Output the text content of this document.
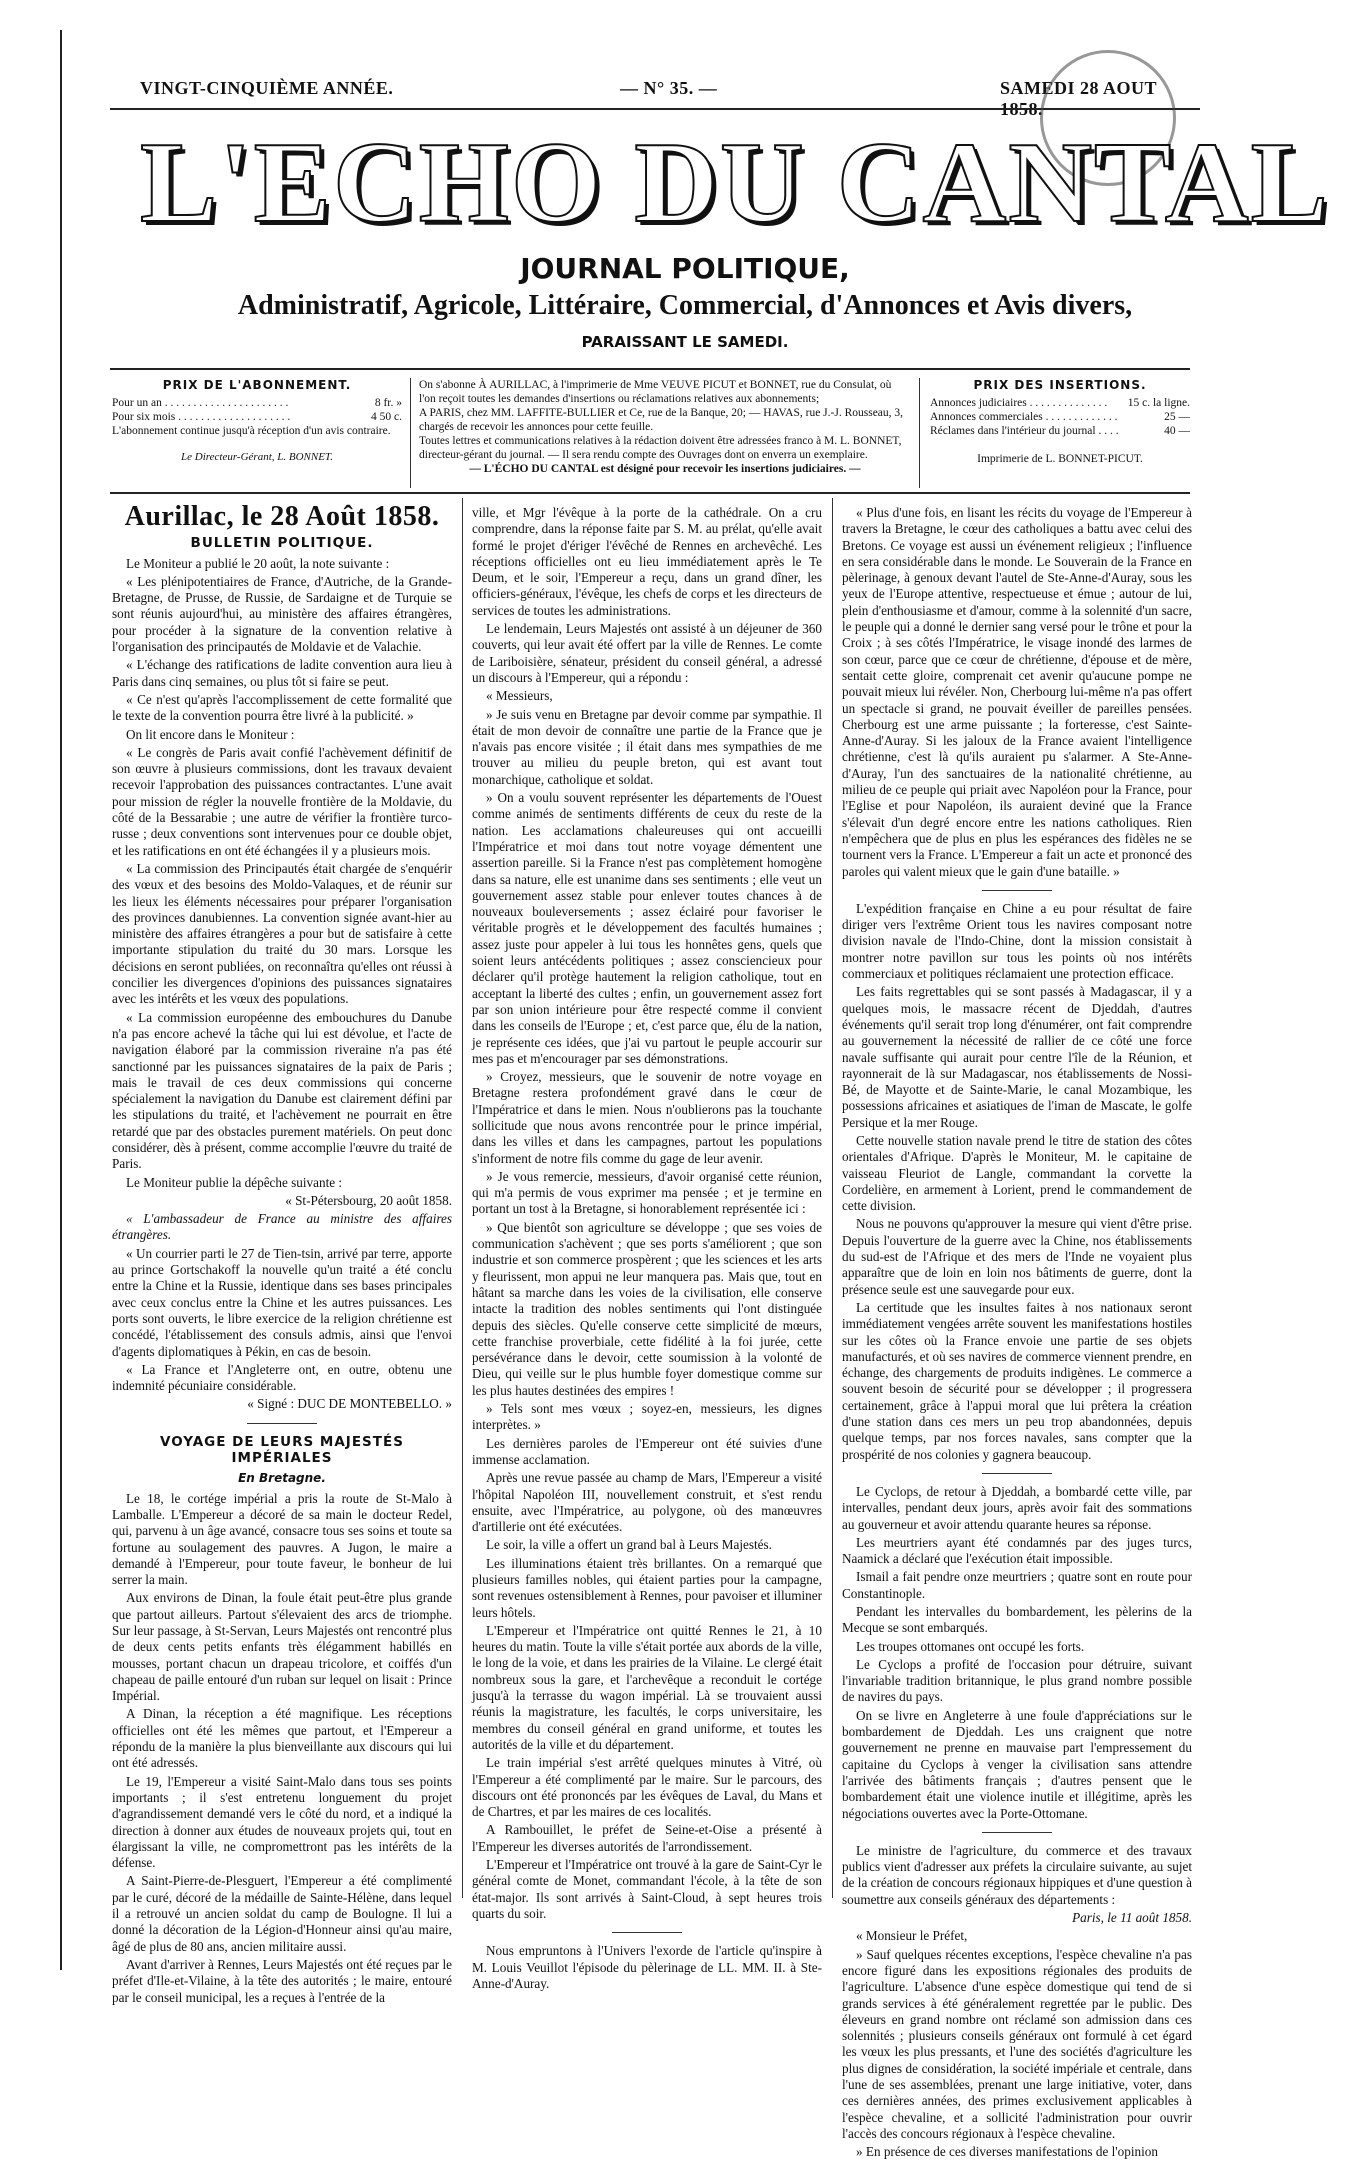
VINGT-CINQUIÈME ANNÉE.	— N° 35. —	SAMEDI 28 AOUT 1858.
L'ECHO DU CANTAL
JOURNAL POLITIQUE,
Administratif, Agricole, Littéraire, Commercial, d'Annonces et Avis divers,
PARAISSANT LE SAMEDI.
PRIX DE L'ABONNEMENT.
Pour un an . . . . . . . . . . . . . . . . . . . . . .	8 fr. »
Pour six mois . . . . . . . . . . . . . . . . . . . .	4 50 c.
L'abonnement continue jusqu'à réception d'un avis contraire.
Le Directeur-Gérant, L. BONNET.
On s'abonne À AURILLAC, à l'imprimerie de Mme VEUVE PICUT et BONNET, rue du Consulat, où l'on reçoit toutes les demandes d'insertions ou réclamations relatives aux abonnements;
A PARIS, chez MM. LAFFITE-BULLIER et Ce, rue de la Banque, 20; — HAVAS, rue J.-J. Rousseau, 3, chargés de recevoir les annonces pour cette feuille.
Toutes lettres et communications relatives à la rédaction doivent être adressées franco à M. L. BONNET, directeur-gérant du journal. — Il sera rendu compte des Ouvrages dont on enverra un exemplaire.
— L'ÉCHO DU CANTAL est désigné pour recevoir les insertions judiciaires. —
PRIX DES INSERTIONS.
Annonces judiciaires . . . . . . . . . . . . . . 15 c. la ligne.
Annonces commerciales . . . . . . . . . . . . .	25 —
Réclames dans l'intérieur du journal . . . .	40 —
Imprimerie de L. BONNET-PICUT.
Aurillac, le 28 Août 1858.
BULLETIN POLITIQUE.

Le Moniteur a publié le 20 août, la note suivante :

« Les plénipotentiaires de France, d'Autriche, de la Grande-Bretagne, de Prusse, de Russie, de Sardaigne et de Turquie se sont réunis aujourd'hui, au ministère des affaires étrangères, pour procéder à la signature de la convention relative à l'organisation des principautés de Moldavie et de Valachie.

« L'échange des ratifications de ladite convention aura lieu à Paris dans cinq semaines, ou plus tôt si faire se peut.

« Ce n'est qu'après l'accomplissement de cette formalité que le texte de la convention pourra être livré à la publicité. »

On lit encore dans le Moniteur :

« Le congrès de Paris avait confié l'achèvement définitif de son œuvre à plusieurs commissions, dont les travaux devaient recevoir l'approbation des puissances contractantes. L'une avait pour mission de régler la nouvelle frontière de la Moldavie, du côté de la Bessarabie ; une autre de vérifier la frontière turco-russe ; deux conventions sont intervenues pour ce double objet, et les ratifications en ont été échangées il y a plusieurs mois.

« La commission des Principautés était chargée de s'enquérir des vœux et des besoins des Moldo-Valaques, et de réunir sur les lieux les éléments nécessaires pour préparer l'organisation des provinces danubiennes. La convention signée avant-hier au ministère des affaires étrangères a pour but de satisfaire à cette importante stipulation du traité du 30 mars. Lorsque les décisions en seront publiées, on reconnaîtra qu'elles ont réussi à concilier les divergences d'opinions des puissances signataires avec les intérêts et les vœux des populations.

« La commission européenne des embouchures du Danube n'a pas encore achevé la tâche qui lui est dévolue, et l'acte de navigation élaboré par la commission riveraine n'a pas été sanctionné par les puissances signataires de la paix de Paris ; mais le travail de ces deux commissions qui concerne spécialement la navigation du Danube est clairement défini par les stipulations du traité, et l'achèvement ne pourrait en être retardé que par des obstacles purement matériels. On peut donc considérer, dès à présent, comme accomplie l'œuvre du traité de Paris.

Le Moniteur publie la dépêche suivante :

« St-Pétersbourg, 20 août 1858.

« L'ambassadeur de France au ministre des affaires étrangères.

« Un courrier parti le 27 de Tien-tsin, arrivé par terre, apporte au prince Gortschakoff la nouvelle qu'un traité a été conclu entre la Chine et la Russie, identique dans ses bases principales avec ceux conclus entre la Chine et les autres puissances. Les ports sont ouverts, le libre exercice de la religion chrétienne est concédé, l'établissement des consuls admis, ainsi que l'envoi d'agents diplomatiques à Pékin, en cas de besoin.

« La France et l'Angleterre ont, en outre, obtenu une indemnité pécuniaire considérable.

« Signé : DUC DE MONTEBELLO. »

VOYAGE DE LEURS MAJESTÉS IMPÉRIALES
En Bretagne.

Le 18, le cortége impérial a pris la route de St-Malo à Lamballe. L'Empereur a décoré de sa main le docteur Redel, qui, parvenu à un âge avancé, consacre tous ses soins et toute sa fortune au soulagement des pauvres. A Jugon, le maire a demandé à l'Empereur, pour toute faveur, le bonheur de lui serrer la main.

Aux environs de Dinan, la foule était peut-être plus grande que partout ailleurs. Partout s'élevaient des arcs de triomphe. Sur leur passage, à St-Servan, Leurs Majestés ont rencontré plus de deux cents petits enfants très élégamment habillés en mousses, portant chacun un drapeau tricolore, et coiffés d'un chapeau de paille entouré d'un ruban sur lequel on lisait : Prince Impérial.

A Dinan, la réception a été magnifique. Les réceptions officielles ont été les mêmes que partout, et l'Empereur a répondu de la manière la plus bienveillante aux discours qui lui ont été adressés.

Le 19, l'Empereur a visité Saint-Malo dans tous ses points importants ; il s'est entretenu longuement du projet d'agrandissement demandé vers le côté du nord, et a indiqué la direction à donner aux études de nouveaux projets qui, tout en élargissant la ville, ne compromettront pas les intérêts de la défense.

A Saint-Pierre-de-Plesguert, l'Empereur a été complimenté par le curé, décoré de la médaille de Sainte-Hélène, dans lequel il a retrouvé un ancien soldat du camp de Boulogne. Il lui a donné la décoration de la Légion-d'Honneur ainsi qu'au maire, âgé de plus de 80 ans, ancien militaire aussi.

Avant d'arriver à Rennes, Leurs Majestés ont été reçues par le préfet d'Ile-et-Vilaine, à la tête des autorités ; le maire, entouré par le conseil municipal, les a reçues à l'entrée de la

ville, et Mgr l'évêque à la porte de la cathédrale. On a cru comprendre, dans la réponse faite par S. M. au prélat, qu'elle avait formé le projet d'ériger l'évêché de Rennes en archevêché. Les réceptions officielles ont eu lieu immédiatement après le Te Deum, et le soir, l'Empereur a reçu, dans un grand dîner, les officiers-généraux, l'évêque, les chefs de corps et les directeurs de services de toutes les administrations.

Le lendemain, Leurs Majestés ont assisté à un déjeuner de 360 couverts, qui leur avait été offert par la ville de Rennes. Le comte de Lariboisière, sénateur, président du conseil général, a adressé un discours à l'Empereur, qui a répondu :

« Messieurs,

» Je suis venu en Bretagne par devoir comme par sympathie. Il était de mon devoir de connaître une partie de la France que je n'avais pas encore visitée ; il était dans mes sympathies de me trouver au milieu du peuple breton, qui est avant tout monarchique, catholique et soldat.

» On a voulu souvent représenter les départements de l'Ouest comme animés de sentiments différents de ceux du reste de la nation. Les acclamations chaleureuses qui ont accueilli l'Impératrice et moi dans tout notre voyage démentent une assertion pareille. Si la France n'est pas complètement homogène dans sa nature, elle est unanime dans ses sentiments ; elle veut un gouvernement assez stable pour enlever toutes chances à de nouveaux bouleversements ; assez éclairé pour favoriser le véritable progrès et le développement des facultés humaines ; assez juste pour appeler à lui tous les honnêtes gens, quels que soient leurs antécédents politiques ; assez consciencieux pour déclarer qu'il protège hautement la religion catholique, tout en acceptant la liberté des cultes ; enfin, un gouvernement assez fort par son union intérieure pour être respecté comme il convient dans les conseils de l'Europe ; et, c'est parce que, élu de la nation, je représente ces idées, que j'ai vu partout le peuple accourir sur mes pas et m'encourager par ses démonstrations.

» Croyez, messieurs, que le souvenir de notre voyage en Bretagne restera profondément gravé dans le cœur de l'Impératrice et dans le mien. Nous n'oublierons pas la touchante sollicitude que nous avons rencontrée pour le prince impérial, dans les villes et dans les campagnes, partout les populations s'informent de notre fils comme du gage de leur avenir.

» Je vous remercie, messieurs, d'avoir organisé cette réunion, qui m'a permis de vous exprimer ma pensée ; et je termine en portant un tost à la Bretagne, si honorablement représentée ici :

» Que bientôt son agriculture se développe ; que ses voies de communication s'achèvent ; que ses ports s'améliorent ; que son industrie et son commerce prospèrent ; que les sciences et les arts y fleurissent, mon appui ne leur manquera pas. Mais que, tout en hâtant sa marche dans les voies de la civilisation, elle conserve intacte la tradition des nobles sentiments qui l'ont distinguée depuis des siècles. Qu'elle conserve cette simplicité de mœurs, cette franchise proverbiale, cette fidélité à la foi jurée, cette persévérance dans le devoir, cette soumission à la volonté de Dieu, qui veille sur le plus humble foyer domestique comme sur les plus hautes destinées des empires !

» Tels sont mes vœux ; soyez-en, messieurs, les dignes interprètes. »

Les dernières paroles de l'Empereur ont été suivies d'une immense acclamation.

Après une revue passée au champ de Mars, l'Empereur a visité l'hôpital Napoléon III, nouvellement construit, et s'est rendu ensuite, avec l'Impératrice, au polygone, où des manœuvres d'artillerie ont été exécutées.

Le soir, la ville a offert un grand bal à Leurs Majestés.

Les illuminations étaient très brillantes. On a remarqué que plusieurs familles nobles, qui étaient parties pour la campagne, sont revenues ostensiblement à Rennes, pour pavoiser et illuminer leurs hôtels.

L'Empereur et l'Impératrice ont quitté Rennes le 21, à 10 heures du matin. Toute la ville s'était portée aux abords de la ville, le long de la voie, et dans les prairies de la Vilaine. Le clergé était nombreux sous la gare, et l'archevêque a reconduit le cortége jusqu'à la terrasse du wagon impérial. Là se trouvaient aussi réunis la magistrature, les facultés, le corps universitaire, les membres du conseil général en grand uniforme, et toutes les autorités de la ville et du département.

Le train impérial s'est arrêté quelques minutes à Vitré, où l'Empereur a été complimenté par le maire. Sur le parcours, des discours ont été prononcés par les évêques de Laval, du Mans et de Chartres, et par les maires de ces localités.

A Rambouillet, le préfet de Seine-et-Oise a présenté à l'Empereur les diverses autorités de l'arrondissement.

L'Empereur et l'Impératrice ont trouvé à la gare de Saint-Cyr le général comte de Monet, commandant l'école, à la tête de son état-major. Ils sont arrivés à Saint-Cloud, à sept heures trois quarts du soir.

Nous empruntons à l'Univers l'exorde de l'article qu'inspire à M. Louis Veuillot l'épisode du pèlerinage de LL. MM. II. à Ste-Anne-d'Auray.

« Plus d'une fois, en lisant les récits du voyage de l'Empereur à travers la Bretagne, le cœur des catholiques a battu avec celui des Bretons. Ce voyage est aussi un événement religieux ; l'influence en sera considérable dans le monde. Le Souverain de la France en pèlerinage, à genoux devant l'autel de Ste-Anne-d'Auray, sous les yeux de l'Europe attentive, respectueuse et émue ; autour de lui, plein d'enthousiasme et d'amour, comme à la solennité d'un sacre, le peuple qui a donné le dernier sang versé pour le trône et pour la Croix ; à ses côtés l'Impératrice, le visage inondé des larmes de son cœur, parce que ce cœur de chrétienne, d'épouse et de mère, sentait cette gloire, comprenait cet avenir qu'aucune pompe ne pouvait mieux lui révéler. Non, Cherbourg lui-même n'a pas offert un spectacle si grand, ne pouvait éveiller de pareilles pensées. Cherbourg est une arme puissante ; la forteresse, c'est Sainte-Anne-d'Auray. Si les jaloux de la France avaient l'intelligence chrétienne, c'est là qu'ils auraient pu s'alarmer. A Ste-Anne-d'Auray, l'un des sanctuaires de la nationalité chrétienne, au milieu de ce peuple qui priait avec Napoléon pour la France, pour l'Eglise et pour Napoléon, ils auraient deviné que la France s'élevait d'un degré encore entre les nations catholiques. Rien n'empêchera que de plus en plus les espérances des fidèles ne se tournent vers la France. L'Empereur a fait un acte et prononcé des paroles qui valent mieux que le gain d'une bataille. »

L'expédition française en Chine a eu pour résultat de faire diriger vers l'extrême Orient tous les navires composant notre division navale de l'Indo-Chine, dont la mission consistait à montrer notre pavillon sur tous les points où nos intérêts commerciaux et politiques réclamaient une protection efficace.

Les faits regrettables qui se sont passés à Madagascar, il y a quelques mois, le massacre récent de Djeddah, d'autres événements qu'il serait trop long d'énumérer, ont fait comprendre au gouvernement la nécessité de rallier de ce côté une force navale suffisante qui aurait pour centre l'île de la Réunion, et rayonnerait de là sur Madagascar, nos établissements de Nossi-Bé, de Mayotte et de Sainte-Marie, le canal Mozambique, les possessions africaines et asiatiques de l'iman de Mascate, le golfe Persique et la mer Rouge.

Cette nouvelle station navale prend le titre de station des côtes orientales d'Afrique. D'après le Moniteur, M. le capitaine de vaisseau Fleuriot de Langle, commandant la corvette la Cordelière, en armement à Lorient, prend le commandement de cette division.

Nous ne pouvons qu'approuver la mesure qui vient d'être prise. Depuis l'ouverture de la guerre avec la Chine, nos établissements du sud-est de l'Afrique et des mers de l'Inde ne voyaient plus apparaître que de loin en loin nos bâtiments de guerre, dont la présence seule est une sauvegarde pour eux.

La certitude que les insultes faites à nos nationaux seront immédiatement vengées arrête souvent les manifestations hostiles sur les côtes où la France envoie une partie de ses objets manufacturés, et où ses navires de commerce viennent prendre, en échange, des chargements de produits indigènes. Le commerce a souvent besoin de sécurité pour se développer ; il progressera certainement, grâce à l'appui moral que lui prêtera la création d'une station dans ces mers un peu trop abandonnées, depuis quelque temps, par nos forces navales, sans compter que la prospérité de nos colonies y gagnera beaucoup.

Le Cyclops, de retour à Djeddah, a bombardé cette ville, par intervalles, pendant deux jours, après avoir fait des sommations au gouverneur et avoir attendu quarante heures sa réponse.

Les meurtriers ayant été condamnés par des juges turcs, Naamick a déclaré que l'exécution était impossible.

Ismail a fait pendre onze meurtriers ; quatre sont en route pour Constantinople.

Pendant les intervalles du bombardement, les pèlerins de la Mecque se sont embarqués.

Les troupes ottomanes ont occupé les forts.

Le Cyclops a profité de l'occasion pour détruire, suivant l'invariable tradition britannique, le plus grand nombre possible de navires du pays.

On se livre en Angleterre à une foule d'appréciations sur le bombardement de Djeddah. Les uns craignent que notre gouvernement ne prenne en mauvaise part l'empressement du capitaine du Cyclops à venger la civilisation sans attendre l'arrivée des bâtiments français ; d'autres pensent que le bombardement était une violence inutile et illégitime, après les négociations ouvertes avec la Porte-Ottomane.

Le ministre de l'agriculture, du commerce et des travaux publics vient d'adresser aux préfets la circulaire suivante, au sujet de la création de concours régionaux hippiques et d'une question à soumettre aux conseils généraux des départements :

Paris, le 11 août 1858.

« Monsieur le Préfet,

» Sauf quelques récentes exceptions, l'espèce chevaline n'a pas encore figuré dans les expositions régionales des produits de l'agriculture. L'absence d'une espèce domestique qui tend de si grands services à été généralement regrettée par le public. Des éleveurs en grand nombre ont réclamé son admission dans ces solennités ; plusieurs conseils généraux ont formulé à cet égard les vœux les plus pressants, et l'une des sociétés d'agriculture les plus dignes de considération, la société impériale et centrale, dans l'une de ses assemblées, prenant une large initiative, voter, dans ces dernières années, des primes exclusivement applicables à l'espèce chevaline, et a sollicité l'administration pour ouvrir l'accès des concours régionaux à l'espèce chevaline.

» En présence de ces diverses manifestations de l'opinion
